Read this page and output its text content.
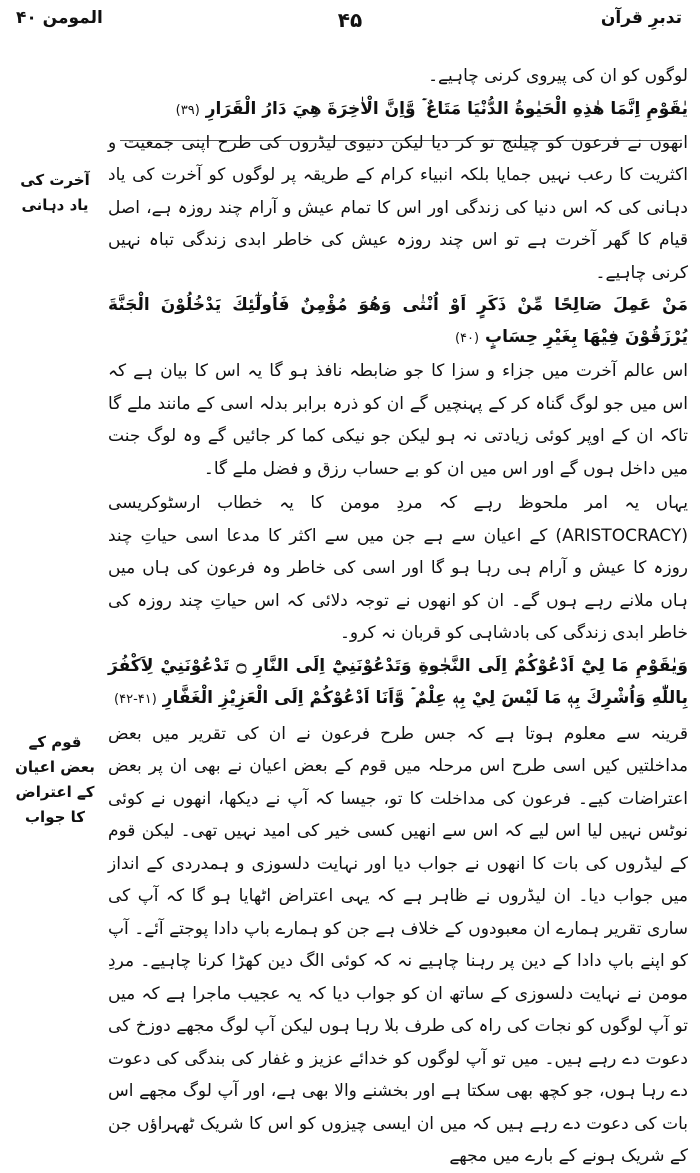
تدبرِ قرآن
۴۵
المومن ۴۰
آخرت کی یاد دہانی
قوم کے بعض اعیان کے اعتراض کا جواب

لوگوں کو ان کی پیروی کرنی چاہیے۔

یٰقَوْمِ اِنَّمَا هٰذِهِ الْحَيٰوةُ الدُّنْيَا مَتَاعٌ ۡ وَّاِنَّ الْاٰخِرَةَ هِيَ دَارُ الْقَرَارِ (۳۹)

انھوں نے فرعون کو چیلنج تو کر دیا لیکن دنیوی لیڈروں کی طرح اپنی جمعیت و اکثریت کا رعب نہیں جمایا بلکہ انبیاء کرام کے طریقہ پر لوگوں کو آخرت کی یاد دہانی کی کہ اس دنیا کی زندگی اور اس کا تمام عیش و آرام چند روزہ ہے، اصل قیام کا گھر آخرت ہے تو اس چند روزہ عیش کی خاطر ابدی زندگی تباہ نہیں کرنی چاہیے۔

مَنْ عَمِلَ صَالِحًا مِّنْ ذَكَرٍ اَوْ اُنْثٰى وَهُوَ مُؤْمِنٌ فَاُولٰٓئِكَ يَدْخُلُوْنَ الْجَنَّةَ يُرْزَقُوْنَ فِيْهَا بِغَيْرِ حِسَابٍ (۴۰)

اس عالم آخرت میں جزاء و سزا کا جو ضابطہ نافذ ہو گا یہ اس کا بیان ہے کہ اس میں جو لوگ گناہ کر کے پہنچیں گے ان کو ذرہ برابر بدلہ اسی کے مانند ملے گا تاکہ ان کے اوپر کوئی زیادتی نہ ہو لیکن جو نیکی کما کر جائیں گے وہ لوگ جنت میں داخل ہوں گے اور اس میں ان کو بے حساب رزق و فضل ملے گا۔

یہاں یہ امر ملحوظ رہے کہ مردِ مومن کا یہ خطاب ارسٹوکریسی (ARISTOCRACY) کے اعیان سے ہے جن میں سے اکثر کا مدعا اسی حیاتِ چند روزہ کا عیش و آرام ہی رہا ہو گا اور اسی کی خاطر وہ فرعون کی ہاں میں ہاں ملانے رہے ہوں گے۔ ان کو انھوں نے توجہ دلائی کہ اس حیاتِ چند روزہ کی خاطر ابدی زندگی کی بادشاہی کو قربان نہ کرو۔

وَيٰقَوْمِ مَا لِيْٓ اَدْعُوْكُمْ اِلَى النَّجٰوةِ وَتَدْعُوْنَنِيْٓ اِلَى النَّارِ ۝ تَدْعُوْنَنِيْ لِاَكْفُرَ بِاللّٰهِ وَاُشْرِكَ بِهٖ مَا لَيْسَ لِيْ بِهٖ عِلْمٌ ۡ وَّاَنَا اَدْعُوْكُمْ اِلَى الْعَزِيْزِ الْغَفَّارِ (۴۱-۴۲)

قرینہ سے معلوم ہوتا ہے کہ جس طرح فرعون نے ان کی تقریر میں بعض مداخلتیں کیں اسی طرح اس مرحلہ میں قوم کے بعض اعیان نے بھی ان پر بعض اعتراضات کیے۔ فرعون کی مداخلت کا تو، جیسا کہ آپ نے دیکھا، انھوں نے کوئی نوٹس نہیں لیا اس لیے کہ اس سے انھیں کسی خیر کی امید نہیں تھی۔ لیکن قوم کے لیڈروں کی بات کا انھوں نے جواب دیا اور نہایت دلسوزی و ہمدردی کے انداز میں جواب دیا۔ ان لیڈروں نے ظاہر ہے کہ یہی اعتراض اٹھایا ہو گا کہ آپ کی ساری تقریر ہمارے ان معبودوں کے خلاف ہے جن کو ہمارے باپ دادا پوجتے آئے۔ آپ کو اپنے باپ دادا کے دین پر رہنا چاہیے نہ کہ کوئی الگ دین کھڑا کرنا چاہیے۔ مردِ مومن نے نہایت دلسوزی کے ساتھ ان کو جواب دیا کہ یہ عجیب ماجرا ہے کہ میں تو آپ لوگوں کو نجات کی راہ کی طرف بلا رہا ہوں لیکن آپ لوگ مجھے دوزخ کی دعوت دے رہے ہیں۔ میں تو آپ لوگوں کو خدائے عزیز و غفار کی بندگی کی دعوت دے رہا ہوں، جو کچھ بھی سکتا ہے اور بخشنے والا بھی ہے، اور آپ لوگ مجھے اس بات کی دعوت دے رہے ہیں کہ میں ان ایسی چیزوں کو اس کا شریک ٹھہراؤں جن کے شریک ہونے کے بارے میں مجھے
